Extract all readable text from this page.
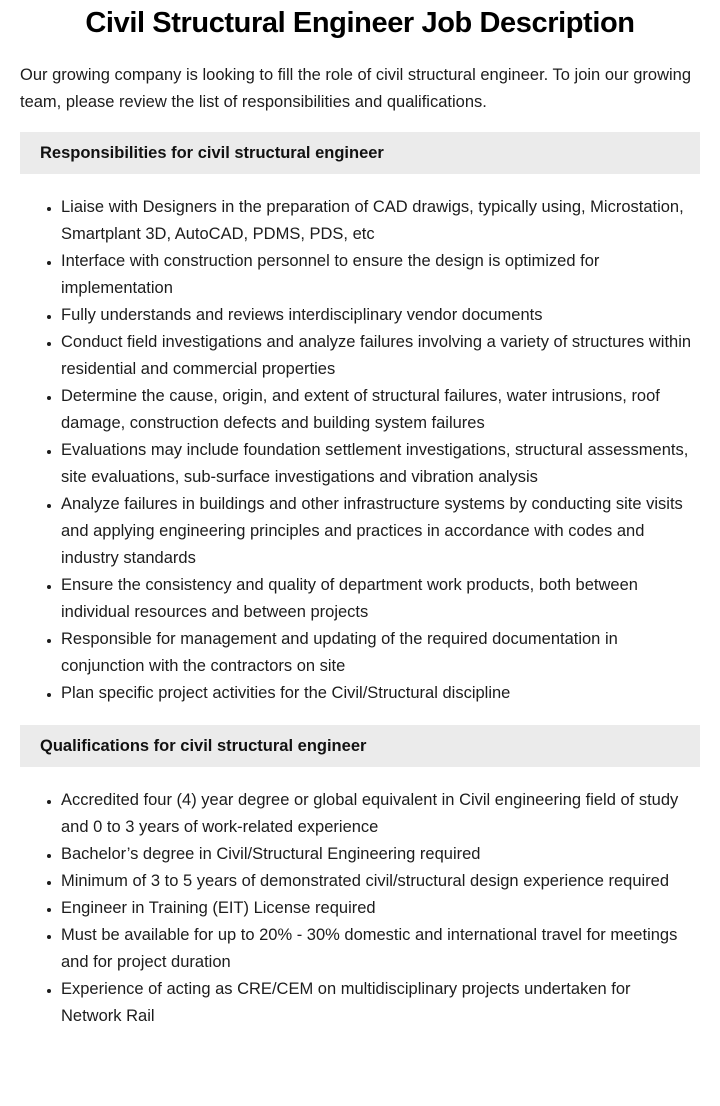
Civil Structural Engineer Job Description

Our growing company is looking to fill the role of civil structural engineer. To join our growing team, please review the list of responsibilities and qualifications.

Responsibilities for civil structural engineer
• Liaise with Designers in the preparation of CAD drawigs, typically using, Microstation, Smartplant 3D, AutoCAD, PDMS, PDS, etc
• Interface with construction personnel to ensure the design is optimized for implementation
• Fully understands and reviews interdisciplinary vendor documents
• Conduct field investigations and analyze failures involving a variety of structures within residential and commercial properties
• Determine the cause, origin, and extent of structural failures, water intrusions, roof damage, construction defects and building system failures
• Evaluations may include foundation settlement investigations, structural assessments, site evaluations, sub-surface investigations and vibration analysis
• Analyze failures in buildings and other infrastructure systems by conducting site visits and applying engineering principles and practices in accordance with codes and industry standards
• Ensure the consistency and quality of department work products, both between individual resources and between projects
• Responsible for management and updating of the required documentation in conjunction with the contractors on site
• Plan specific project activities for the Civil/Structural discipline
Qualifications for civil structural engineer
• Accredited four (4) year degree or global equivalent in Civil engineering field of study and 0 to 3 years of work-related experience
• Bachelor’s degree in Civil/Structural Engineering required
• Minimum of 3 to 5 years of demonstrated civil/structural design experience required
• Engineer in Training (EIT) License required
• Must be available for up to 20% - 30% domestic and international travel for meetings and for project duration
• Experience of acting as CRE/CEM on multidisciplinary projects undertaken for Network Rail
